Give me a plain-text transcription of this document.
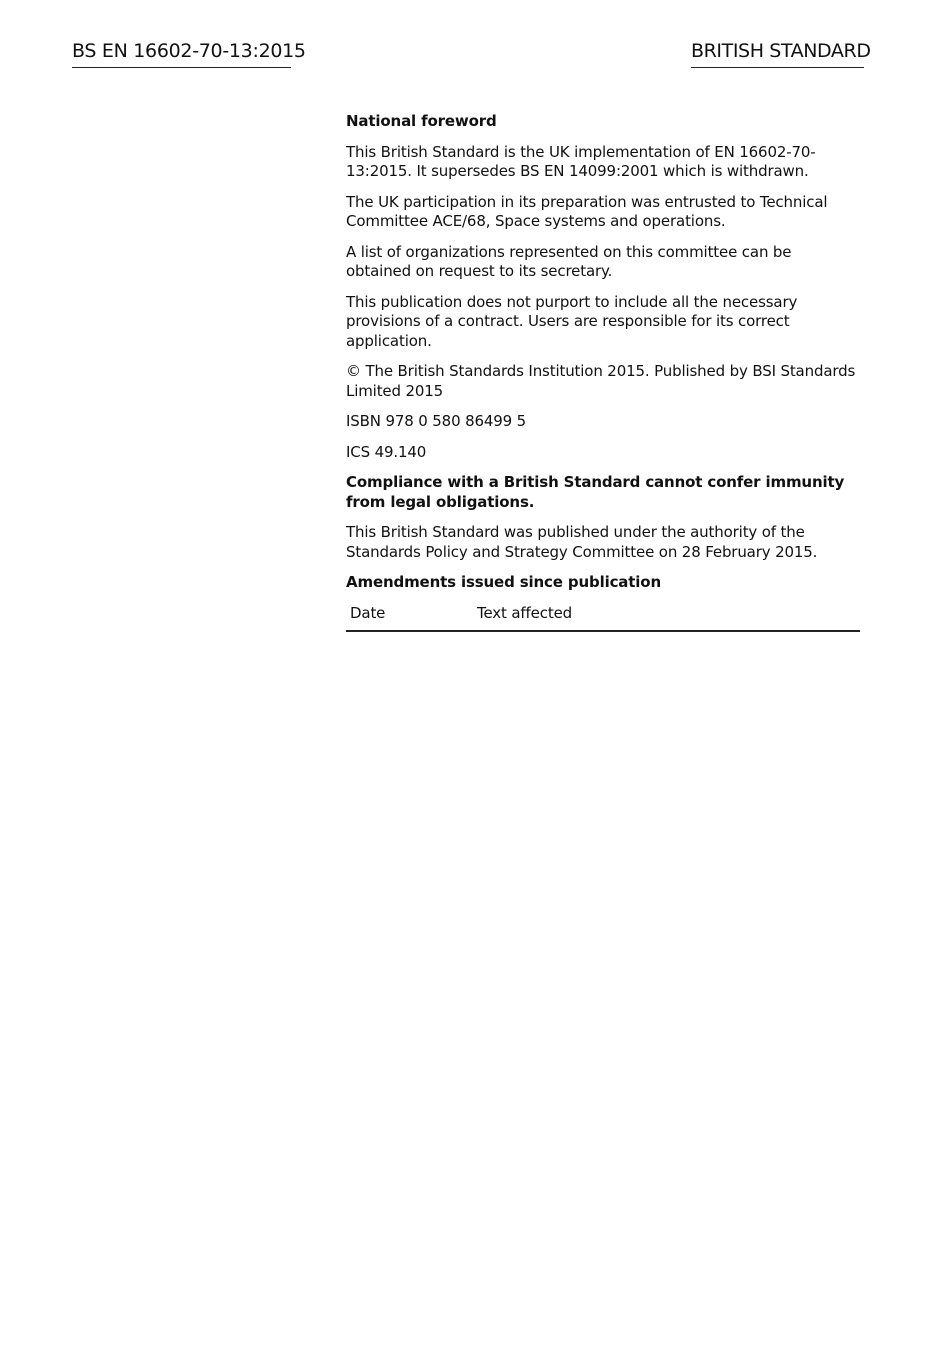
BS EN 16602-70-13:2015	BRITISH STANDARD

National foreword

This British Standard is the UK implementation of EN 16602-70-13:2015. It supersedes BS EN 14099:2001 which is withdrawn.

The UK participation in its preparation was entrusted to Technical Committee ACE/68, Space systems and operations.

A list of organizations represented on this committee can be obtained on request to its secretary.

This publication does not purport to include all the necessary provisions of a contract. Users are responsible for its correct application.

© The British Standards Institution 2015. Published by BSI Standards Limited 2015

ISBN 978 0 580 86499 5

ICS 49.140

Compliance with a British Standard cannot confer immunity from legal obligations.

This British Standard was published under the authority of the Standards Policy and Strategy Committee on 28 February 2015.

Amendments issued since publication

Date	Text affected
